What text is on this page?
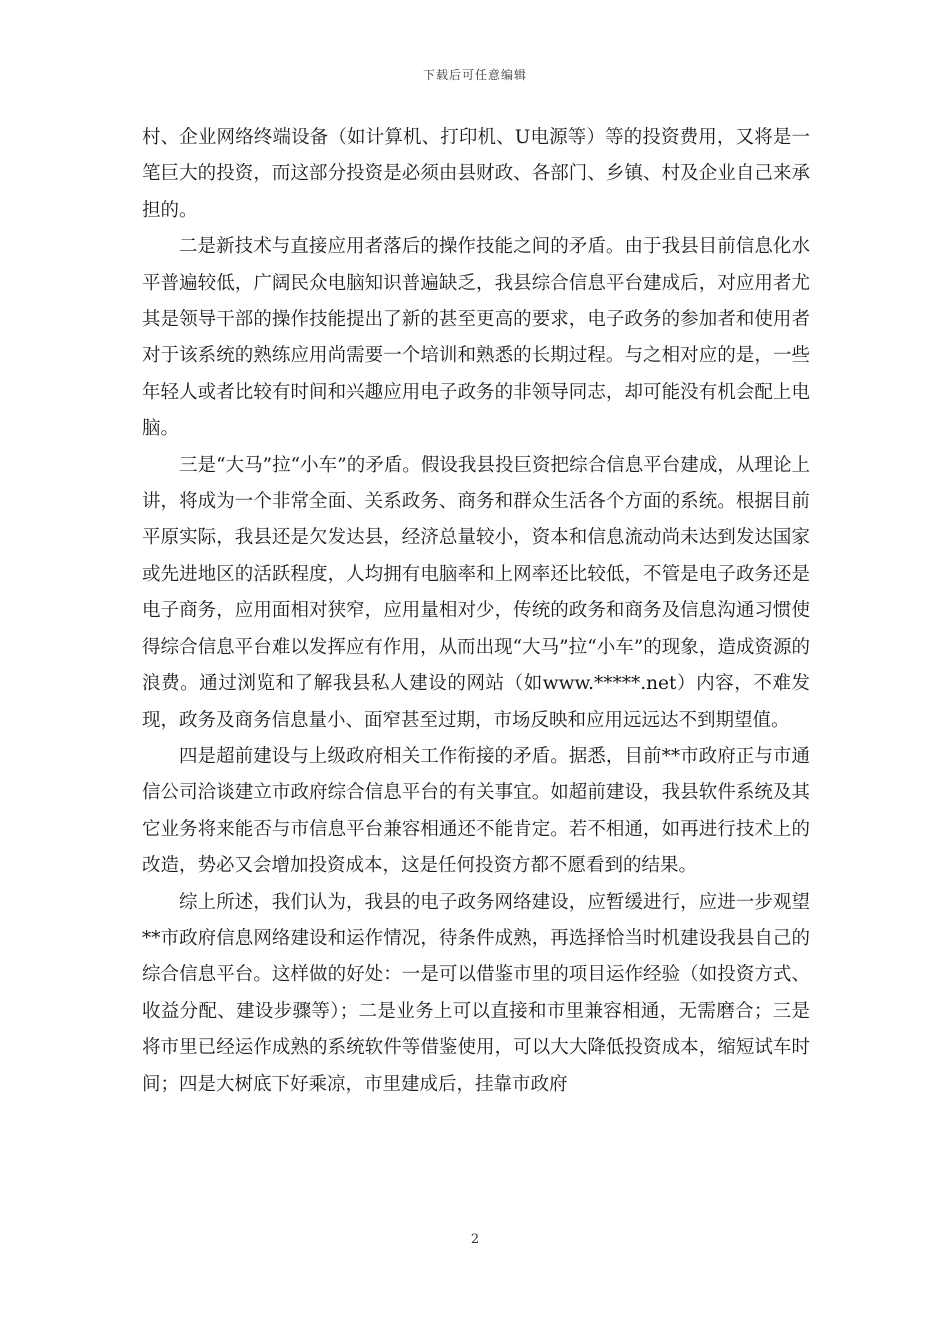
下载后可任意编辑

村、企业网络终端设备（如计算机、打印机、U电源等）等的投资费用，又将是一笔巨大的投资，而这部分投资是必须由县财政、各部门、乡镇、村及企业自己来承担的。

二是新技术与直接应用者落后的操作技能之间的矛盾。由于我县目前信息化水平普遍较低，广阔民众电脑知识普遍缺乏，我县综合信息平台建成后，对应用者尤其是领导干部的操作技能提出了新的甚至更高的要求，电子政务的参加者和使用者对于该系统的熟练应用尚需要一个培训和熟悉的长期过程。与之相对应的是，一些年轻人或者比较有时间和兴趣应用电子政务的非领导同志，却可能没有机会配上电脑。

三是“大马”拉“小车”的矛盾。假设我县投巨资把综合信息平台建成，从理论上讲，将成为一个非常全面、关系政务、商务和群众生活各个方面的系统。根据目前平原实际，我县还是欠发达县，经济总量较小，资本和信息流动尚未达到发达国家或先进地区的活跃程度，人均拥有电脑率和上网率还比较低，不管是电子政务还是电子商务，应用面相对狭窄，应用量相对少，传统的政务和商务及信息沟通习惯使得综合信息平台难以发挥应有作用，从而出现“大马”拉“小车”的现象，造成资源的浪费。通过浏览和了解我县私人建设的网站（如www.*****.net）内容，不难发现，政务及商务信息量小、面窄甚至过期，市场反映和应用远远达不到期望值。

四是超前建设与上级政府相关工作衔接的矛盾。据悉，目前**市政府正与市通信公司洽谈建立市政府综合信息平台的有关事宜。如超前建设，我县软件系统及其它业务将来能否与市信息平台兼容相通还不能肯定。若不相通，如再进行技术上的改造，势必又会增加投资成本，这是任何投资方都不愿看到的结果。

综上所述，我们认为，我县的电子政务网络建设，应暂缓进行，应进一步观望**市政府信息网络建设和运作情况，待条件成熟，再选择恰当时机建设我县自己的综合信息平台。这样做的好处：一是可以借鉴市里的项目运作经验（如投资方式、收益分配、建设步骤等）；二是业务上可以直接和市里兼容相通，无需磨合；三是将市里已经运作成熟的系统软件等借鉴使用，可以大大降低投资成本，缩短试车时间；四是大树底下好乘凉，市里建成后，挂靠市政府

2
